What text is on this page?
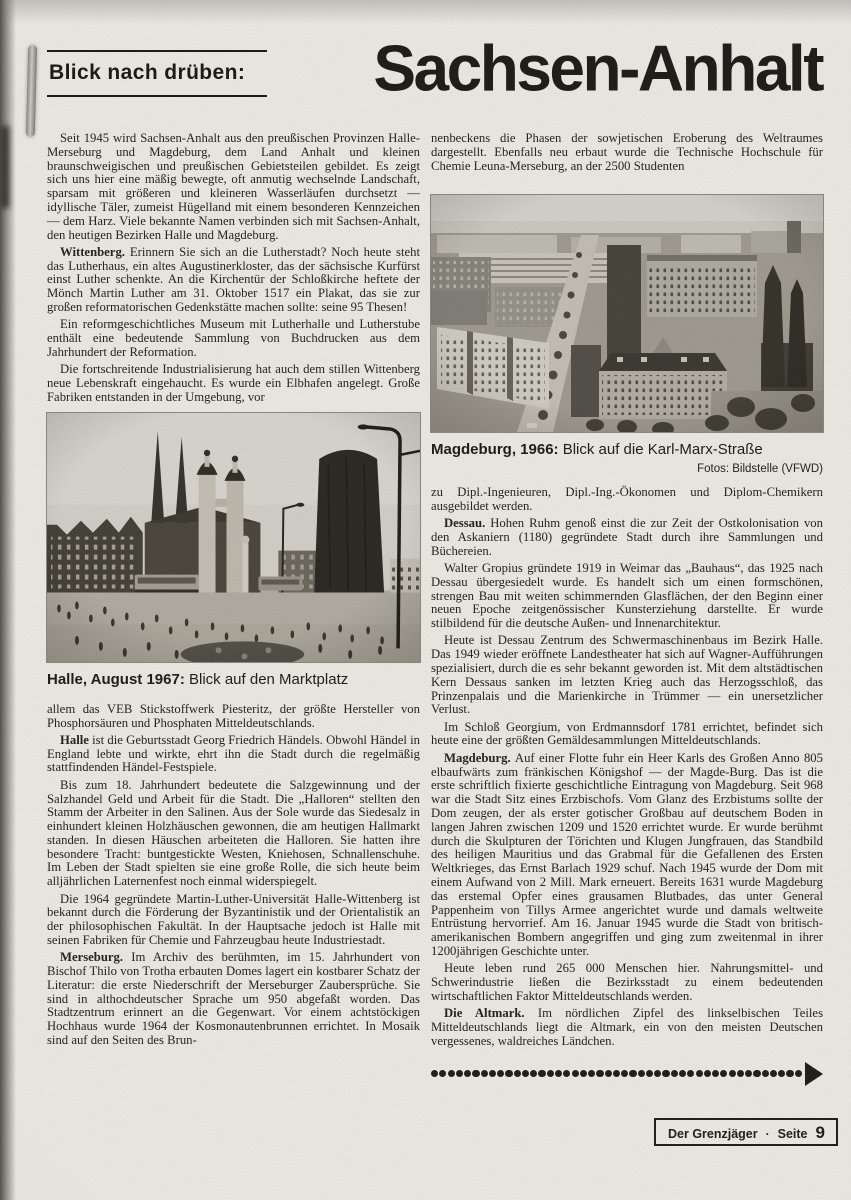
Blick nach drüben:	Sachsen-Anhalt

Seit 1945 wird Sachsen-Anhalt aus den preußischen Provinzen Halle-Merseburg und Magdeburg, dem Land Anhalt und kleinen braunschweigischen und preußischen Gebietsteilen gebildet. Es zeigt sich uns hier eine mäßig bewegte, oft anmutig wechselnde Landschaft, sparsam mit größeren und kleineren Wasserläufen durchsetzt — idyllische Täler, zumeist Hügelland mit einem besonderen Kennzeichen — dem Harz. Viele bekannte Namen verbinden sich mit Sachsen-Anhalt, den heutigen Bezirken Halle und Magdeburg.

Wittenberg. Erinnern Sie sich an die Lutherstadt? Noch heute steht das Lutherhaus, ein altes Augustinerkloster, das der sächsische Kurfürst einst Luther schenkte. An die Kirchentür der Schloßkirche heftete der Mönch Martin Luther am 31. Oktober 1517 ein Plakat, das sie zur großen reformatorischen Gedenkstätte machen sollte: seine 95 Thesen!

Ein reformgeschichtliches Museum mit Lutherhalle und Lutherstube enthält eine bedeutende Sammlung von Buchdrucken aus dem Jahrhundert der Reformation.

Die fortschreitende Industrialisierung hat auch dem stillen Wittenberg neue Lebenskraft eingehaucht. Es wurde ein Elbhafen angelegt. Große Fabriken entstanden in der Umgebung, vor

Halle, August 1967: Blick auf den Marktplatz

allem das VEB Stickstoffwerk Piesteritz, der größte Hersteller von Phosphorsäuren und Phosphaten Mitteldeutschlands.

Halle ist die Geburtsstadt Georg Friedrich Händels. Obwohl Händel in England lebte und wirkte, ehrt ihn die Stadt durch die regelmäßig stattfindenden Händel-Festspiele.

Bis zum 18. Jahrhundert bedeutete die Salzgewinnung und der Salzhandel Geld und Arbeit für die Stadt. Die „Halloren“ stellten den Stamm der Arbeiter in den Salinen. Aus der Sole wurde das Siedesalz in einhundert kleinen Holzhäuschen gewonnen, die am heutigen Hallmarkt standen. In diesen Häuschen arbeiteten die Halloren. Sie hatten ihre besondere Tracht: buntgestickte Westen, Kniehosen, Schnallenschuhe. Im Leben der Stadt spielten sie eine große Rolle, die sich heute beim alljährlichen Laternenfest noch einmal widerspiegelt.

Die 1964 gegründete Martin-Luther-Universität Halle-Wittenberg ist bekannt durch die Förderung der Byzantinistik und der Orientalistik an der philosophischen Fakultät. In der Hauptsache jedoch ist Halle mit seinen Fabriken für Chemie und Fahrzeugbau heute Industriestadt.

Merseburg. Im Archiv des berühmten, im 15. Jahrhundert von Bischof Thilo von Trotha erbauten Domes lagert ein kostbarer Schatz der Literatur: die erste Niederschrift der Merseburger Zaubersprüche. Sie sind in althochdeutscher Sprache um 950 abgefaßt worden. Das Stadtzentrum erinnert an die Gegenwart. Vor einem achtstöckigen Hochhaus wurde 1964 der Kosmonautenbrunnen errichtet. In Mosaik sind auf den Seiten des Brun-

nenbeckens die Phasen der sowjetischen Eroberung des Weltraumes dargestellt. Ebenfalls neu erbaut wurde die Technische Hochschule für Chemie Leuna-Merseburg, an der 2500 Studenten

Magdeburg, 1966: Blick auf die Karl-Marx-Straße
Fotos: Bildstelle (VFWD)

zu Dipl.-Ingenieuren, Dipl.-Ing.-Ökonomen und Diplom-Chemikern ausgebildet werden.

Dessau. Hohen Ruhm genoß einst die zur Zeit der Ostkolonisation von den Askaniern (1180) gegründete Stadt durch ihre Sammlungen und Büchereien.

Walter Gropius gründete 1919 in Weimar das „Bauhaus“, das 1925 nach Dessau übergesiedelt wurde. Es handelt sich um einen formschönen, strengen Bau mit weiten schimmernden Glasflächen, der den Beginn einer neuen Epoche zeitgenössischer Kunsterziehung darstellte. Er wurde stilbildend für die deutsche Außen- und Innenarchitektur.

Heute ist Dessau Zentrum des Schwermaschinenbaus im Bezirk Halle. Das 1949 wieder eröffnete Landestheater hat sich auf Wagner-Aufführungen spezialisiert, durch die es sehr bekannt geworden ist. Mit dem altstädtischen Kern Dessaus sanken im letzten Krieg auch das Herzogsschloß, das Prinzenpalais und die Marienkirche in Trümmer — ein unersetzlicher Verlust.

Im Schloß Georgium, von Erdmannsdorf 1781 errichtet, befindet sich heute eine der größten Gemäldesammlungen Mitteldeutschlands.

Magdeburg. Auf einer Flotte fuhr ein Heer Karls des Großen Anno 805 elbaufwärts zum fränkischen Königshof — der Magde-Burg. Das ist die erste schriftlich fixierte geschichtliche Eintragung von Magdeburg. Seit 968 war die Stadt Sitz eines Erzbischofs. Vom Glanz des Erzbistums sollte der Dom zeugen, der als erster gotischer Großbau auf deutschem Boden in langen Jahren zwischen 1209 und 1520 errichtet wurde. Er wurde berühmt durch die Skulpturen der Törichten und Klugen Jungfrauen, das Standbild des heiligen Mauritius und das Grabmal für die Gefallenen des Ersten Weltkrieges, das Ernst Barlach 1929 schuf. Nach 1945 wurde der Dom mit einem Aufwand von 2 Mill. Mark erneuert. Bereits 1631 wurde Magdeburg das erstemal Opfer eines grausamen Blutbades, das unter General Pappenheim von Tillys Armee angerichtet wurde und damals weltweite Entrüstung hervorrief. Am 16. Januar 1945 wurde die Stadt von britisch-amerikanischen Bombern angegriffen und ging zum zweitenmal in ihrer 1200jährigen Geschichte unter.

Heute leben rund 265 000 Menschen hier. Nahrungsmittel- und Schwerindustrie ließen die Bezirksstadt zu einem bedeutenden wirtschaftlichen Faktor Mitteldeutschlands werden.

Die Altmark. Im nördlichen Zipfel des linkselbischen Teiles Mitteldeutschlands liegt die Altmark, ein von den meisten Deutschen vergessenes, waldreiches Ländchen.

Der Grenzjäger · Seite 9
